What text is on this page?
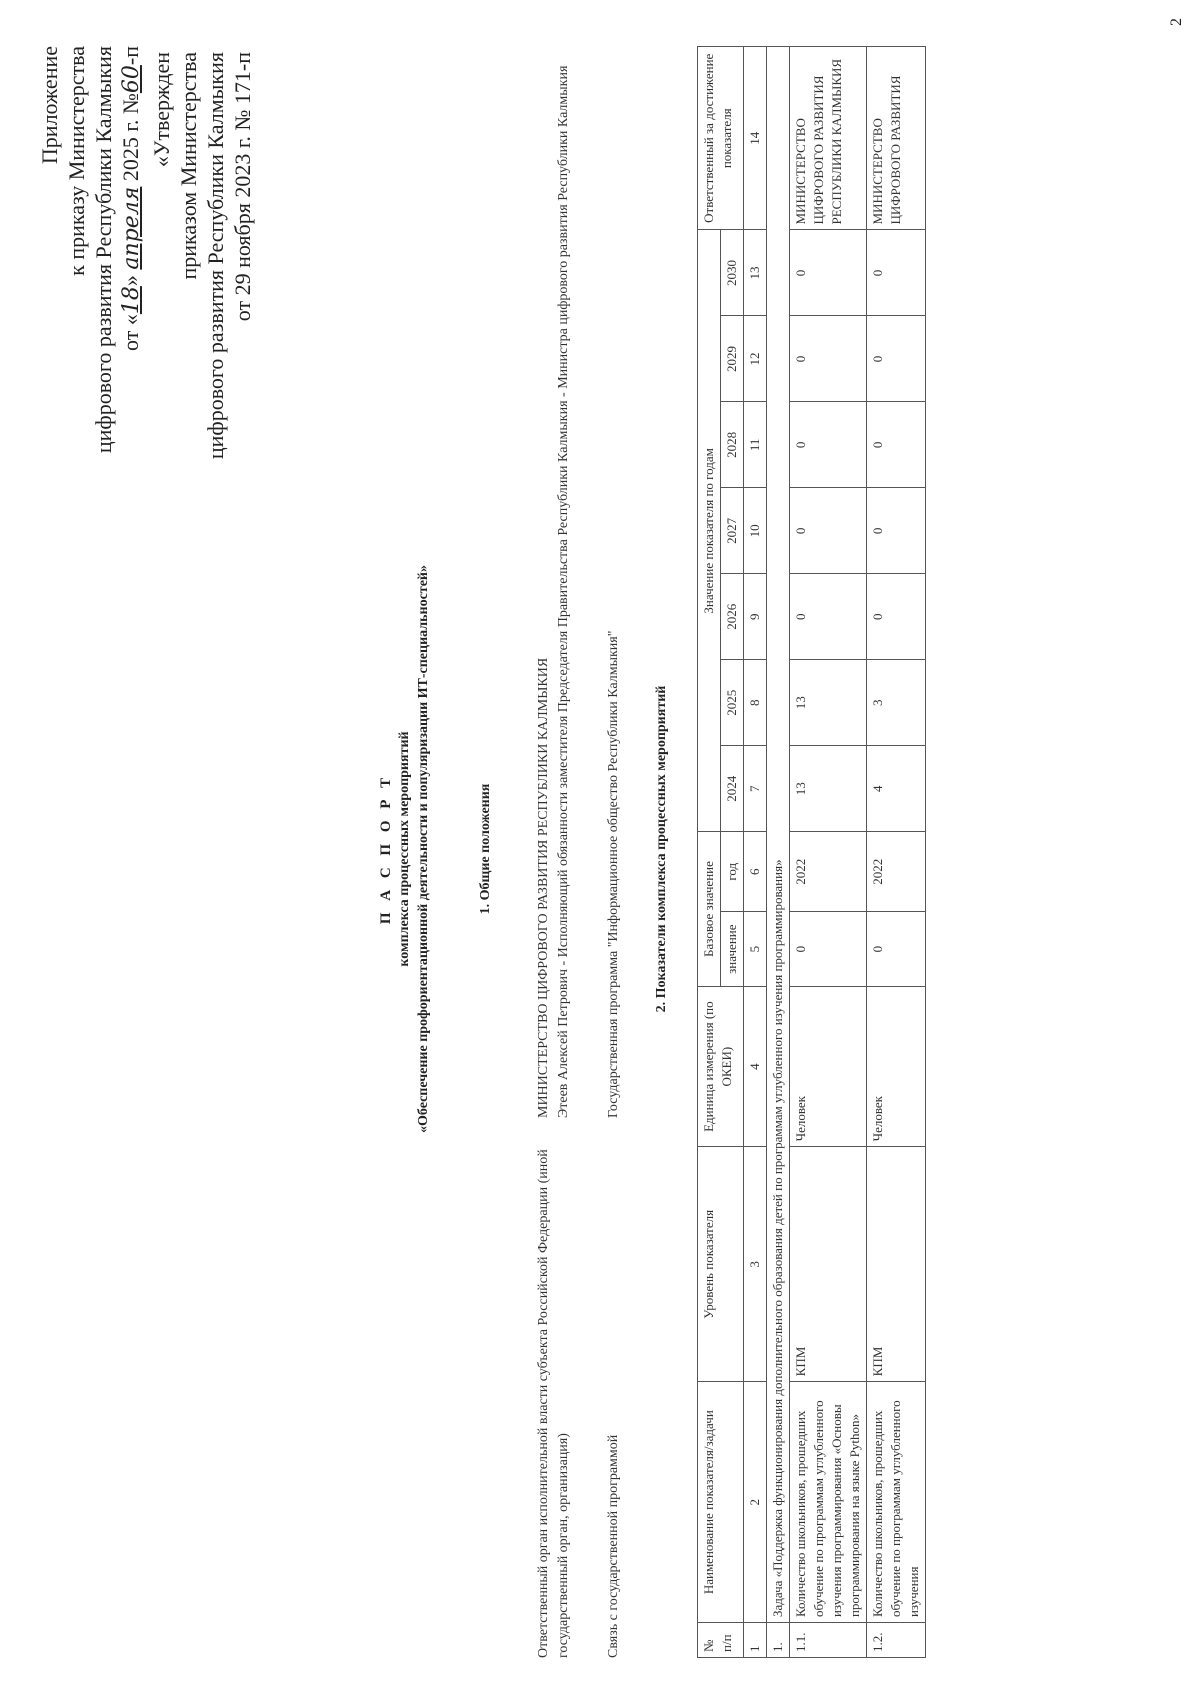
Приложение к приказу Министерства цифрового развития Республики Калмыкия от «18» апреля 2025 г. №60-п «Утвержден приказом Министерства цифрового развития Республики Калмыкия от 29 ноября 2023 г. № 171-п
П А С П О Р Т комплекса процессных мероприятий «Обеспечение профориентационной деятельности и популяризации ИТ-специальностей»	1. Общие положения
Ответственный орган исполнительной власти субъекта Российской Федерации (иной государственный орган, организация)
МИНИСТЕРСТВО ЦИФРОВОГО РАЗВИТИЯ РЕСПУБЛИКИ КАЛМЫКИЯ Этеев Алексей Петрович - Исполняющий обязанности заместителя Председателя Правительства Республики Калмыкия - Министра цифрового развития Республики Калмыкия
Связь с государственной программой
Государственная программа "Информационное общество Республики Калмыкия" 2. Показатели комплекса процессных мероприятий
№ п/п	Наименование показателя/задачи	Уровень показателя	Единица измерения (по ОКЕИ)	Базовое значение		Значение показателя по годам							Ответственный за достижение показателя
				значение	год	2024	2025	2026	2027	2028	2029	2030	
1	2	3	4	5	6	7	8	9	10	11	12	13	14
1.	Задача «Поддержка функционирования дополнительного образования детей по программам углубленного изучения программирования»												
1.1.	Количество школьников, прошедших обучение по программам углубленного изучения программирования «Основы программирования на языке Python»	КПМ	Человек	0	2022	13	13	0	0	0	0	0	МИНИСТЕРСТВО ЦИФРОВОГО РАЗВИТИЯ РЕСПУБЛИКИ КАЛМЫКИЯ
1.2.	Количество школьников, прошедших обучение по программам углубленного изучения	КПМ	Человек	0	2022	4	3	0	0	0	0	0	МИНИСТЕРСТВО ЦИФРОВОГО РАЗВИТИЯ
2
